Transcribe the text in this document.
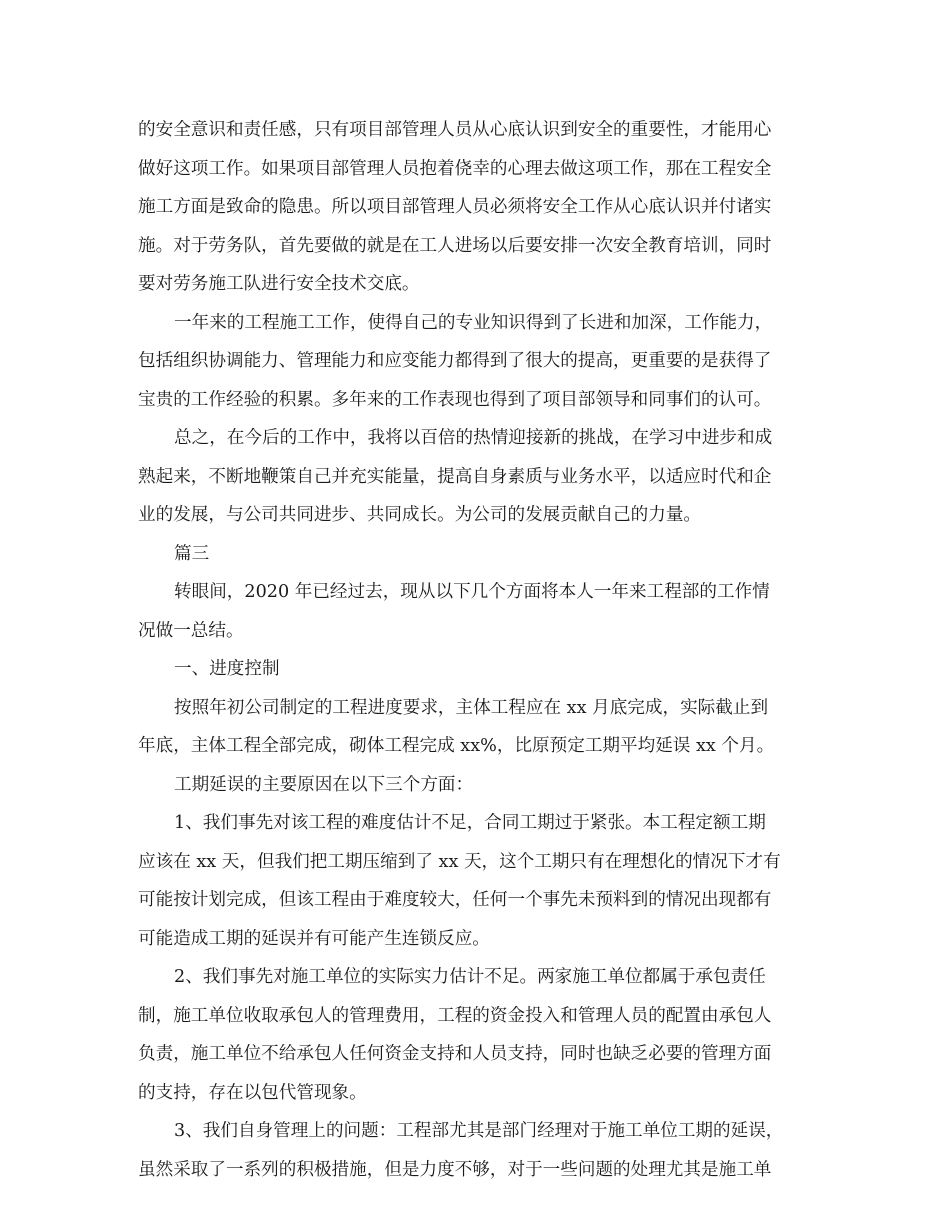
的安全意识和责任感，只有项目部管理人员从心底认识到安全的重要性，才能用心

做好这项工作。如果项目部管理人员抱着侥幸的心理去做这项工作，那在工程安全

施工方面是致命的隐患。所以项目部管理人员必须将安全工作从心底认识并付诸实

施。对于劳务队，首先要做的就是在工人进场以后要安排一次安全教育培训，同时

要对劳务施工队进行安全技术交底。

一年来的工程施工工作，使得自己的专业知识得到了长进和加深，工作能力，

包括组织协调能力、管理能力和应变能力都得到了很大的提高，更重要的是获得了

宝贵的工作经验的积累。多年来的工作表现也得到了项目部领导和同事们的认可。

总之，在今后的工作中，我将以百倍的热情迎接新的挑战，在学习中进步和成

熟起来，不断地鞭策自己并充实能量，提高自身素质与业务水平，以适应时代和企

业的发展，与公司共同进步、共同成长。为公司的发展贡献自己的力量。

篇三

转眼间，2020 年已经过去，现从以下几个方面将本人一年来工程部的工作情

况做一总结。

一、进度控制

按照年初公司制定的工程进度要求，主体工程应在 xx 月底完成，实际截止到

年底，主体工程全部完成，砌体工程完成 xx%，比原预定工期平均延误 xx 个月。

工期延误的主要原因在以下三个方面：

1、我们事先对该工程的难度估计不足，合同工期过于紧张。本工程定额工期

应该在 xx 天，但我们把工期压缩到了 xx 天，这个工期只有在理想化的情况下才有

可能按计划完成，但该工程由于难度较大，任何一个事先未预料到的情况出现都有

可能造成工期的延误并有可能产生连锁反应。

2、我们事先对施工单位的实际实力估计不足。两家施工单位都属于承包责任

制，施工单位收取承包人的管理费用，工程的资金投入和管理人员的配置由承包人

负责，施工单位不给承包人任何资金支持和人员支持，同时也缺乏必要的管理方面

的支持，存在以包代管现象。

3、我们自身管理上的问题：工程部尤其是部门经理对于施工单位工期的延误，

虽然采取了一系列的积极措施，但是力度不够，对于一些问题的处理尤其是施工单
